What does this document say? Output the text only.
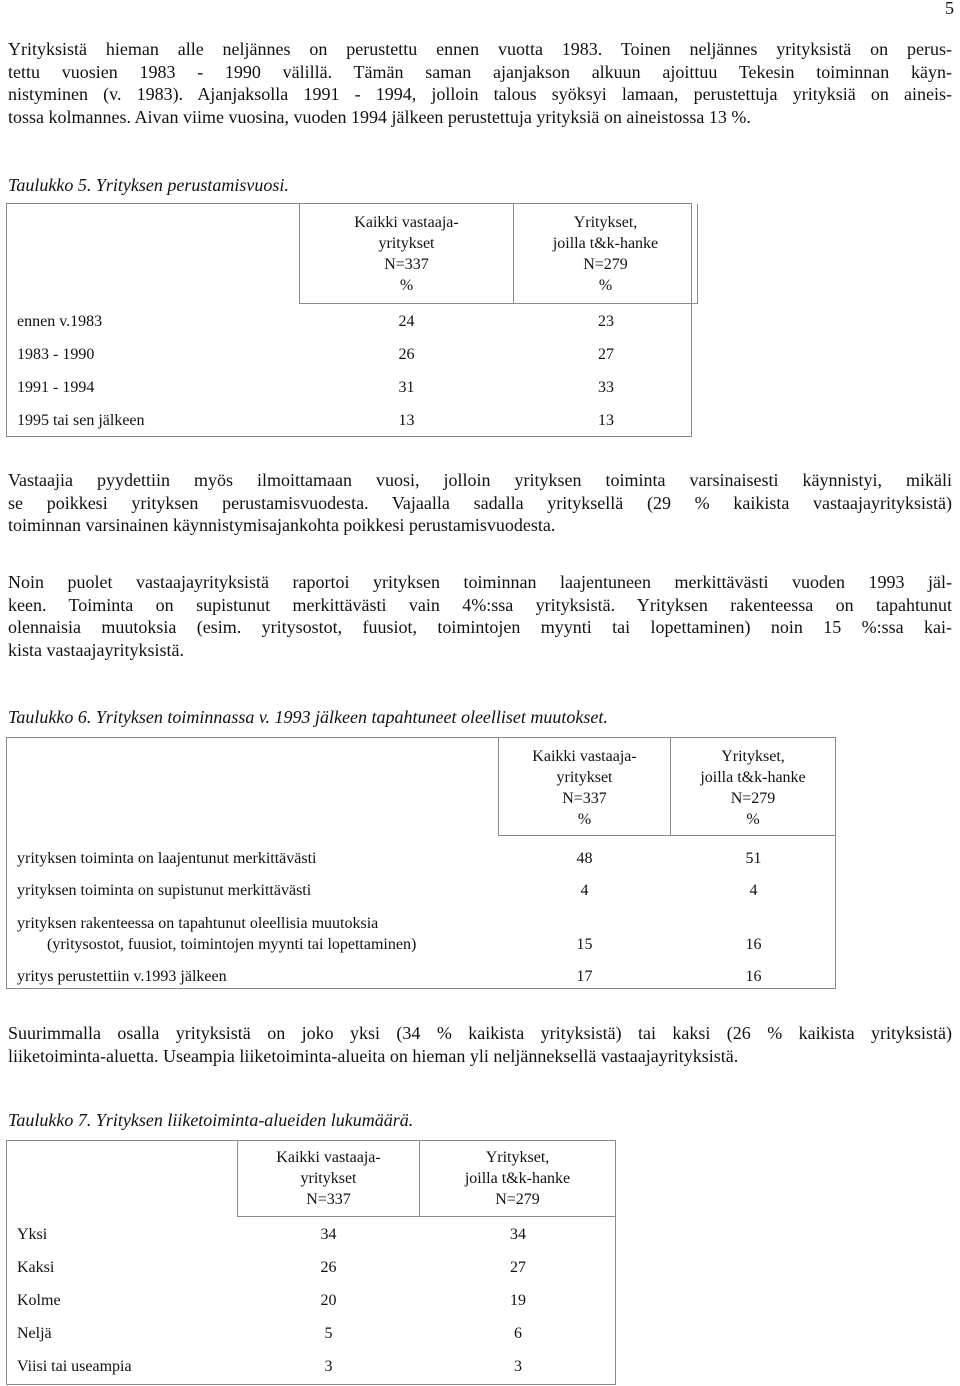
5

Yrityksistä hieman alle neljännes on perustettu ennen vuotta 1983. Toinen neljännes yrityksistä on perus-
tettu vuosien 1983 - 1990 välillä. Tämän saman ajanjakson alkuun ajoittuu Tekesin toiminnan käyn-
nistyminen (v. 1983). Ajanjaksolla 1991 - 1994, jolloin talous syöksyi lamaan, perustettuja yrityksiä on aineis-
tossa kolmannes. Aivan viime vuosina, vuoden 1994 jälkeen perustettuja yrityksiä on aineistossa 13 %.

Taulukko 5. Yrityksen perustamisvuosi.
Kaikki vastaaja-
yritykset
N=337
%
Yritykset,
joilla t&k-hanke
N=279
%
ennen v.1983	24	23
1983 - 1990	26	27
1991 - 1994	31	33
1995 tai sen jälkeen	13	13

Vastaajia pyydettiin myös ilmoittamaan vuosi, jolloin yrityksen toiminta varsinaisesti käynnistyi, mikäli
se poikkesi yrityksen perustamisvuodesta. Vajaalla sadalla yrityksellä (29 % kaikista vastaajayrityksistä)
toiminnan varsinainen käynnistymisajankohta poikkesi perustamisvuodesta.

Noin puolet vastaajayrityksistä raportoi yrityksen toiminnan laajentuneen merkittävästi vuoden 1993 jäl-
keen. Toiminta on supistunut merkittävästi vain 4%:ssa yrityksistä. Yrityksen rakenteessa on tapahtunut
olennaisia muutoksia (esim. yritysostot, fuusiot, toimintojen myynti tai lopettaminen) noin 15 %:ssa kai-
kista vastaajayrityksistä.

Taulukko 6. Yrityksen toiminnassa v. 1993 jälkeen tapahtuneet oleelliset muutokset.
Kaikki vastaaja-
yritykset
N=337
%
Yritykset,
joilla t&k-hanke
N=279
%
yrityksen toiminta on laajentunut merkittävästi	48	51
yrityksen toiminta on supistunut merkittävästi	4	4
yrityksen rakenteessa on tapahtunut oleellisia muutoksia
(yritysostot, fuusiot, toimintojen myynti tai lopettaminen)	15	16
yritys perustettiin v.1993 jälkeen	17	16

Suurimmalla osalla yrityksistä on joko yksi (34 % kaikista yrityksistä) tai kaksi (26 % kaikista yrityksistä)
liiketoiminta-aluetta. Useampia liiketoiminta-alueita on hieman yli neljänneksellä vastaajayrityksistä.

Taulukko 7. Yrityksen liiketoiminta-alueiden lukumäärä.
Kaikki vastaaja-
yritykset
N=337
Yritykset,
joilla t&k-hanke
N=279
Yksi	34	34
Kaksi	26	27
Kolme	20	19
Neljä	5	6
Viisi tai useampia	3	3
